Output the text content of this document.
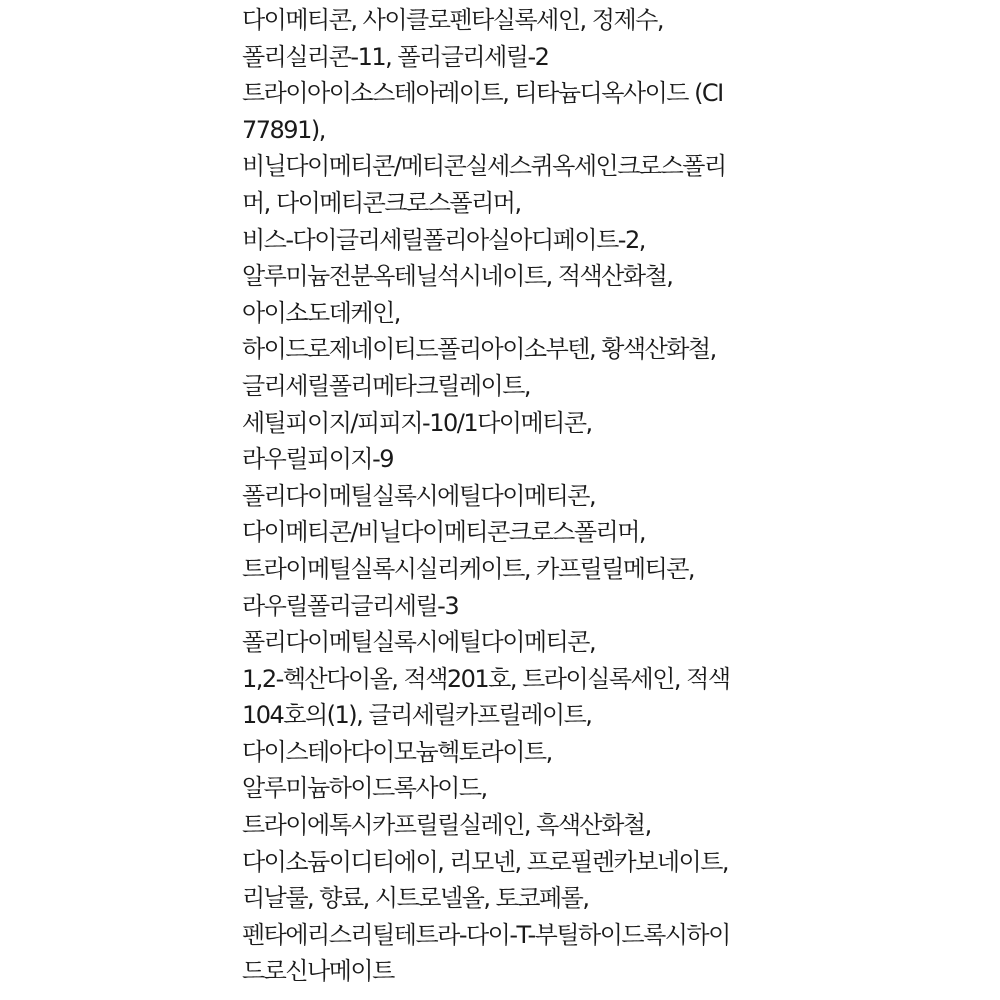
다이메티콘, 사이클로펜타실록세인, 정제수,
폴리실리콘-11, 폴리글리세릴-2
트라이아이소스테아레이트, 티타늄디옥사이드 (CI
77891),
비닐다이메티콘/메티콘실세스퀴옥세인크로스폴리
머, 다이메티콘크로스폴리머,
비스-다이글리세릴폴리아실아디페이트-2,
알루미늄전분옥테닐석시네이트, 적색산화철,
아이소도데케인,
하이드로제네이티드폴리아이소부텐, 황색산화철,
글리세릴폴리메타크릴레이트,
세틸피이지/피피지-10/1다이메티콘,
라우릴피이지-9
폴리다이메틸실록시에틸다이메티콘,
다이메티콘/비닐다이메티콘크로스폴리머,
트라이메틸실록시실리케이트, 카프릴릴메티콘,
라우릴폴리글리세릴-3
폴리다이메틸실록시에틸다이메티콘,
1,2-헥산다이올, 적색201호, 트라이실록세인, 적색
104호의(1), 글리세릴카프릴레이트,
다이스테아다이모늄헥토라이트,
알루미늄하이드록사이드,
트라이에톡시카프릴릴실레인, 흑색산화철,
다이소듐이디티에이, 리모넨, 프로필렌카보네이트,
리날룰, 향료, 시트로넬올, 토코페롤,
펜타에리스리틸테트라-다이-T-부틸하이드록시하이
드로신나메이트
